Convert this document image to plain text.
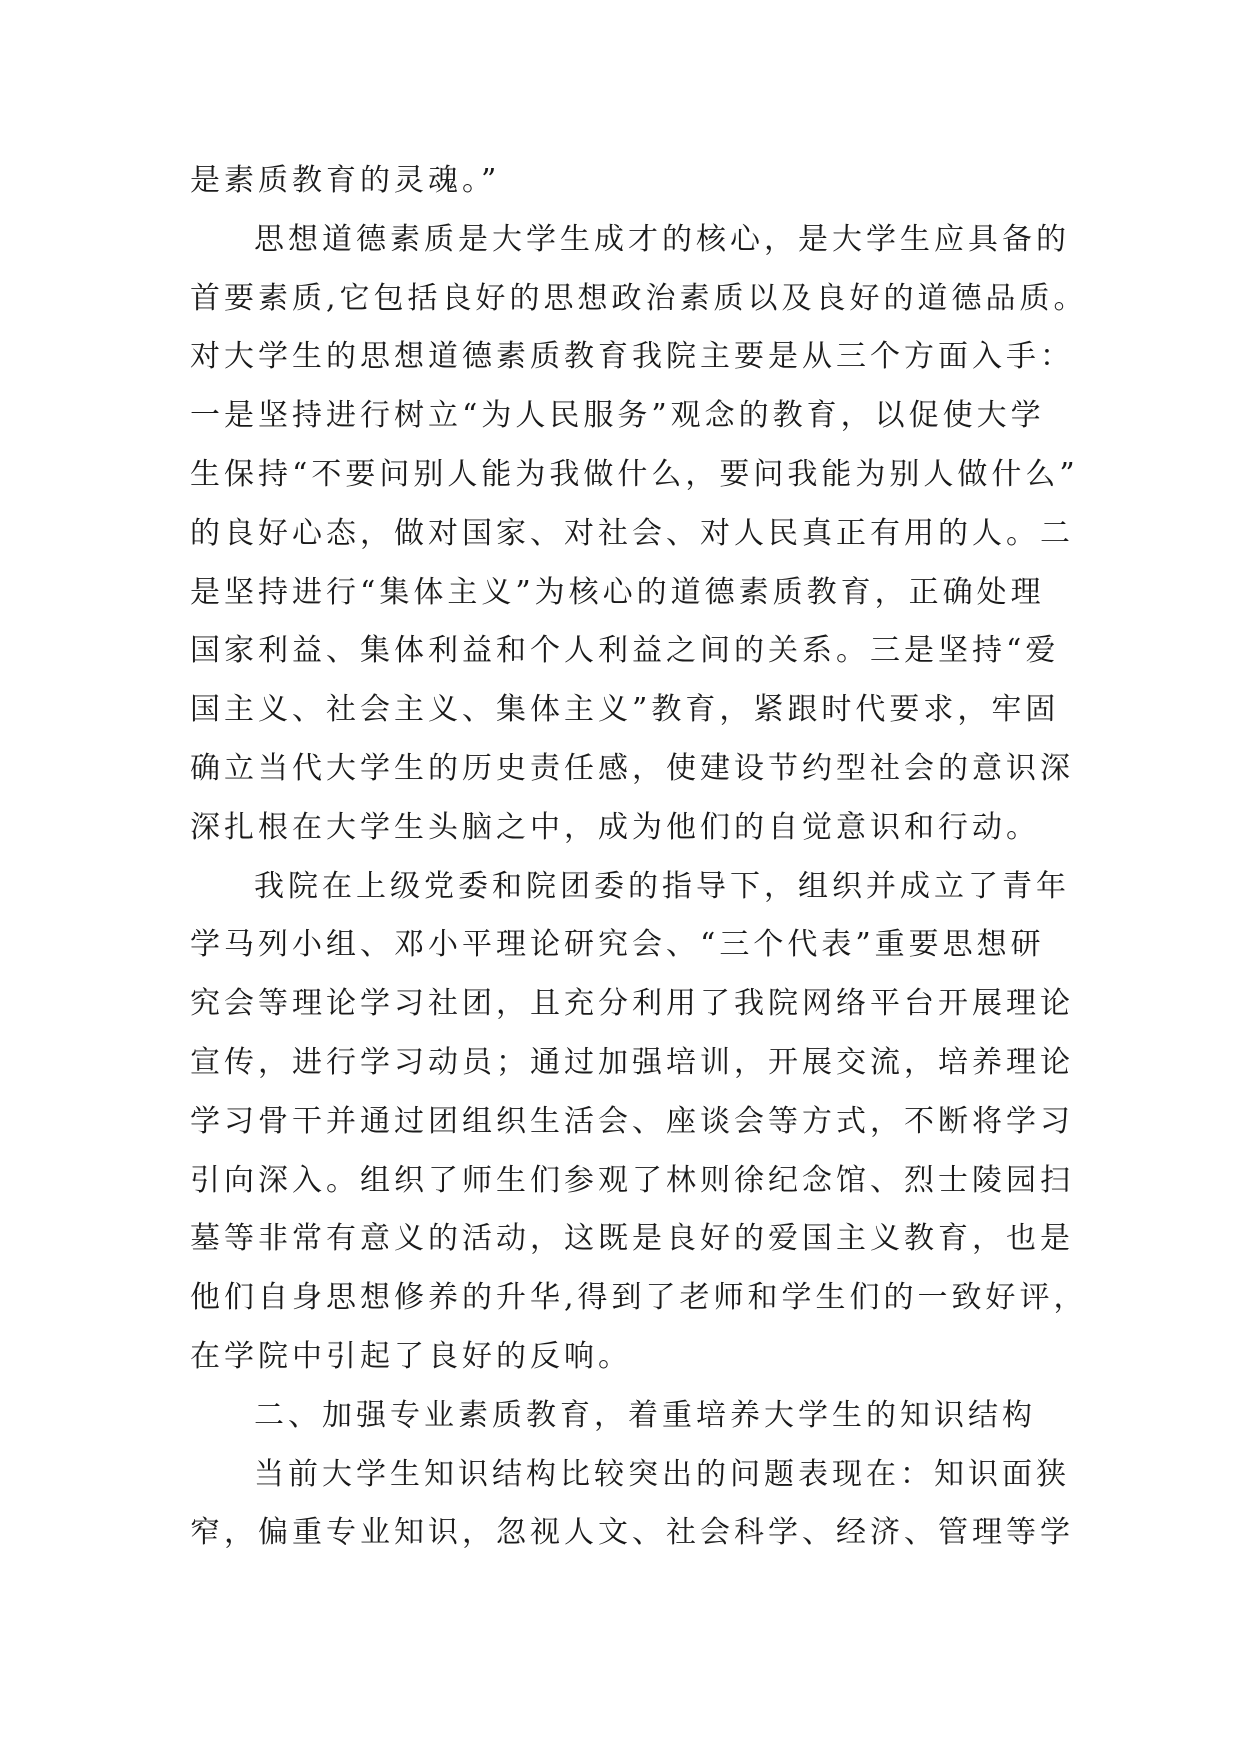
是素质教育的灵魂。”
思想道德素质是大学生成才的核心，是大学生应具备的
首要素质,它包括良好的思想政治素质以及良好的道德品质。
对大学生的思想道德素质教育我院主要是从三个方面入手：
一是坚持进行树立“为人民服务”观念的教育，以促使大学
生保持“不要问别人能为我做什么，要问我能为别人做什么”
的良好心态，做对国家、对社会、对人民真正有用的人。二
是坚持进行“集体主义”为核心的道德素质教育，正确处理
国家利益、集体利益和个人利益之间的关系。三是坚持“爱
国主义、社会主义、集体主义”教育，紧跟时代要求，牢固
确立当代大学生的历史责任感，使建设节约型社会的意识深
深扎根在大学生头脑之中，成为他们的自觉意识和行动。
我院在上级党委和院团委的指导下，组织并成立了青年
学马列小组、邓小平理论研究会、“三个代表”重要思想研
究会等理论学习社团，且充分利用了我院网络平台开展理论
宣传，进行学习动员；通过加强培训，开展交流，培养理论
学习骨干并通过团组织生活会、座谈会等方式，不断将学习
引向深入。组织了师生们参观了林则徐纪念馆、烈士陵园扫
墓等非常有意义的活动，这既是良好的爱国主义教育，也是
他们自身思想修养的升华,得到了老师和学生们的一致好评，
在学院中引起了良好的反响。
二、加强专业素质教育，着重培养大学生的知识结构
当前大学生知识结构比较突出的问题表现在：知识面狭
窄，偏重专业知识，忽视人文、社会科学、经济、管理等学
